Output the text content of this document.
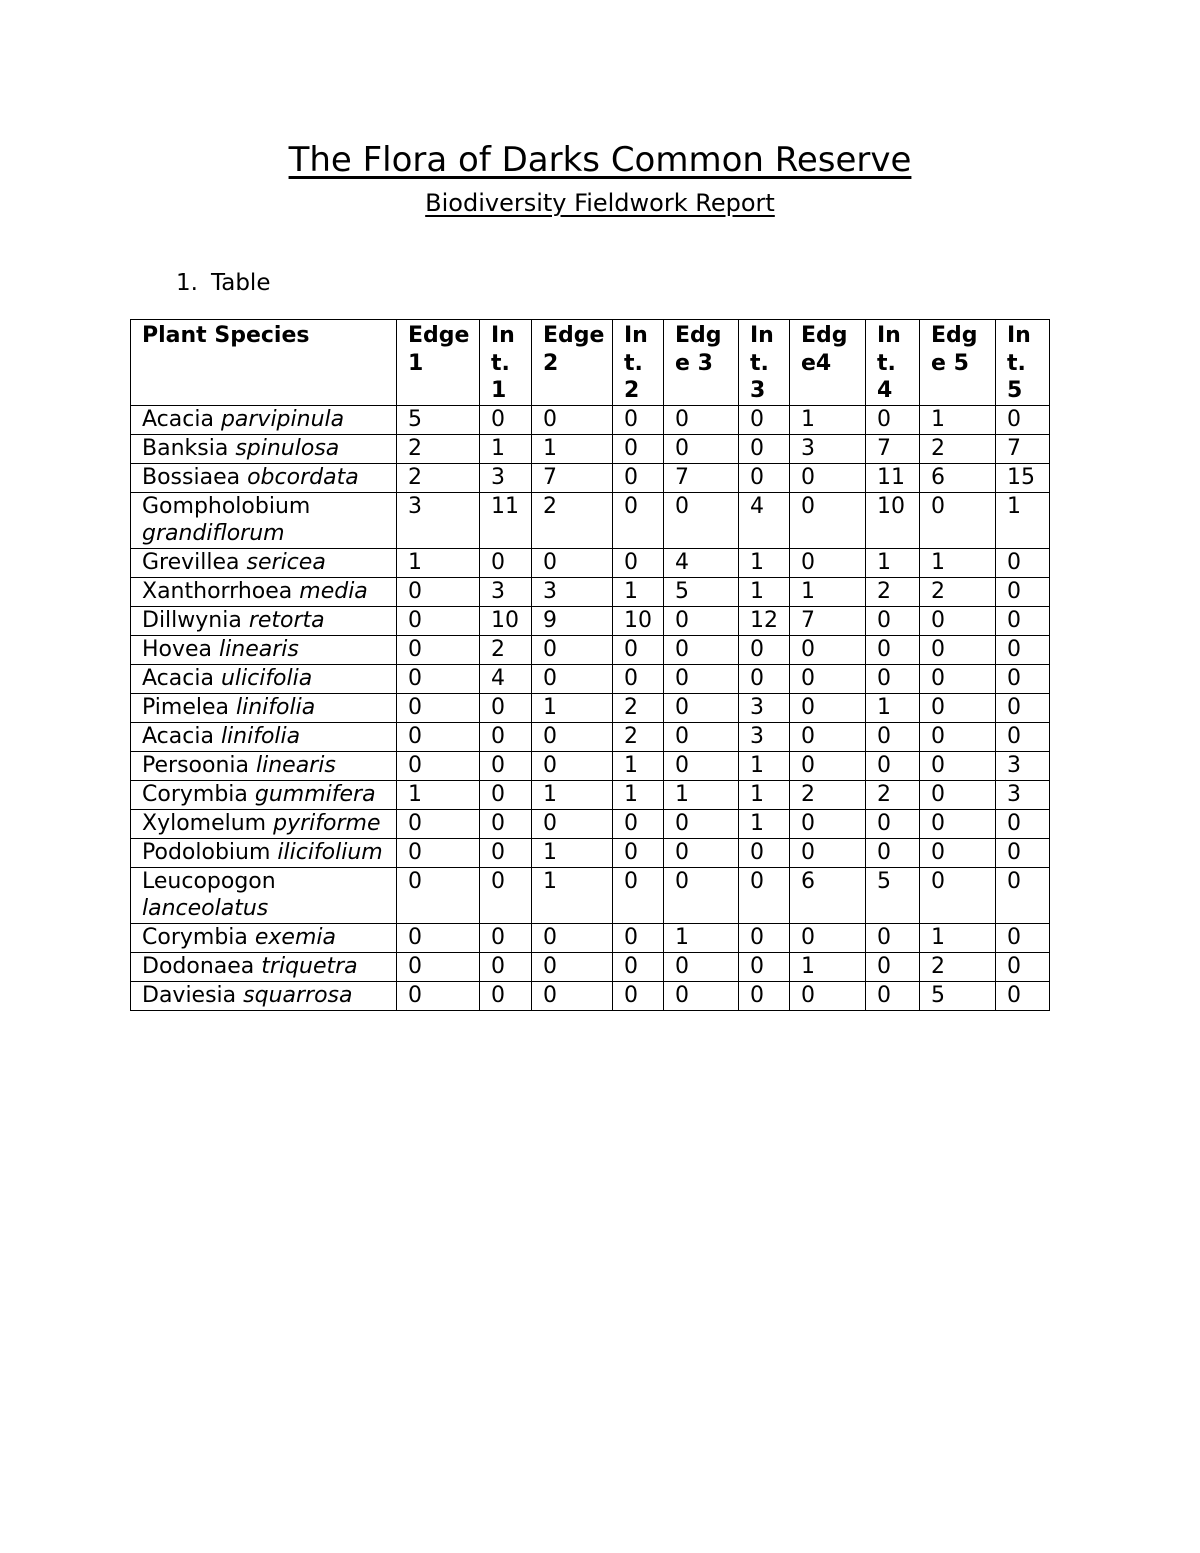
The Flora of Darks Common Reserve
Biodiversity Fieldwork Report
1. Table
Plant Species	Edge 1	Int. 1	Edge 2	Int. 2	Edge 3	Int. 3	Edge4	Int. 4	Edge 5	Int. 5

Acacia parvipinula	5	0	0	0	0	0	1	0	1	0
Banksia spinulosa	2	1	1	0	0	0	3	7	2	7
Bossiaea obcordata	2	3	7	0	7	0	0	11	6	15
Gompholobium grandiflorum	3	11	2	0	0	4	0	10	0	1
Grevillea sericea	1	0	0	0	4	1	0	1	1	0
Xanthorrhoea media	0	3	3	1	5	1	1	2	2	0
Dillwynia retorta	0	10	9	10	0	12	7	0	0	0
Hovea linearis	0	2	0	0	0	0	0	0	0	0
Acacia ulicifolia	0	4	0	0	0	0	0	0	0	0
Pimelea linifolia	0	0	1	2	0	3	0	1	0	0
Acacia linifolia	0	0	0	2	0	3	0	0	0	0
Persoonia linearis	0	0	0	1	0	1	0	0	0	3
Corymbia gummifera	1	0	1	1	1	1	2	2	0	3
Xylomelum pyriforme	0	0	0	0	0	1	0	0	0	0
Podolobium ilicifolium	0	0	1	0	0	0	0	0	0	0
Leucopogon lanceolatus	0	0	1	0	0	0	6	5	0	0
Corymbia exemia	0	0	0	0	1	0	0	0	1	0
Dodonaea triquetra	0	0	0	0	0	0	1	0	2	0
Daviesia squarrosa	0	0	0	0	0	0	0	0	5	0
